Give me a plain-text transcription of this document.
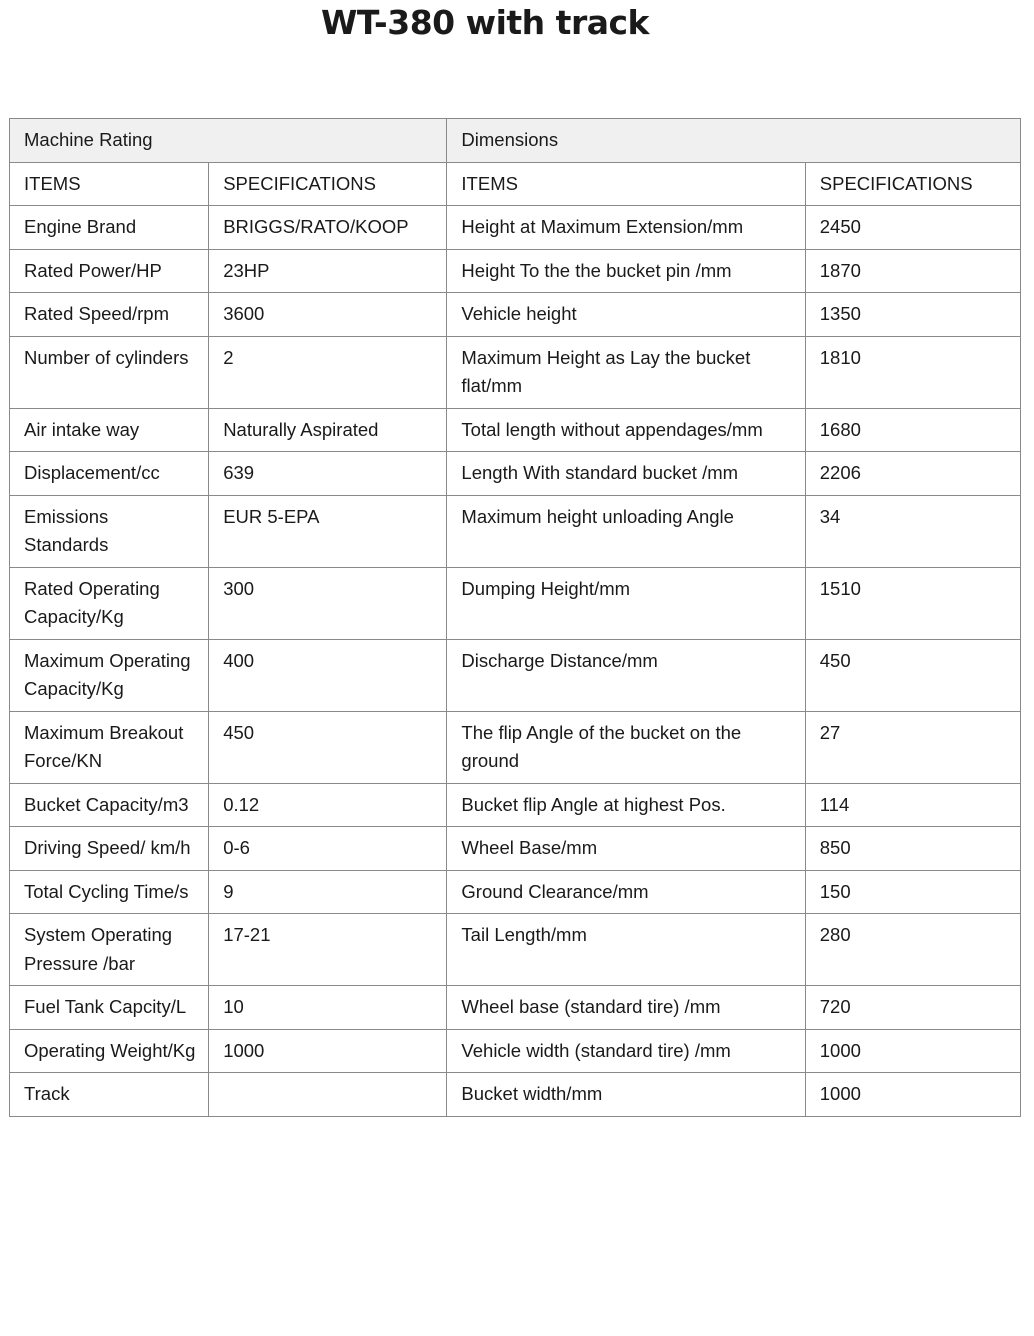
WT-380 with track
Machine Rating		Dimensions	
ITEMS	SPECIFICATIONS	ITEMS	SPECIFICATIONS
Engine Brand	BRIGGS/RATO/KOOP	Height at Maximum Extension/mm	2450
Rated Power/HP	23HP	Height To the the bucket pin /mm	1870
Rated Speed/rpm	3600	Vehicle height	1350
Number of cylinders	2	Maximum Height as Lay the bucket flat/mm	1810
Air intake way	Naturally Aspirated	Total length without appendages/mm	1680
Displacement/cc	639	Length With standard bucket /mm	2206
Emissions Standards	EUR 5-EPA	Maximum height unloading Angle	34
Rated Operating Capacity/Kg	300	Dumping Height/mm	1510
Maximum Operating Capacity/Kg	400	Discharge Distance/mm	450
Maximum Breakout Force/KN	450	The flip Angle of the bucket on the ground	27
Bucket Capacity/m3	0.12	Bucket flip Angle at highest Pos.	114
Driving Speed/ km/h	0-6	Wheel Base/mm	850
Total Cycling Time/s	9	Ground Clearance/mm	150
System Operating Pressure /bar	17-21	Tail Length/mm	280
Fuel Tank Capcity/L	10	Wheel base (standard tire) /mm	720
Operating Weight/Kg	1000	Vehicle width (standard tire) /mm	1000
Track		Bucket width/mm	1000
